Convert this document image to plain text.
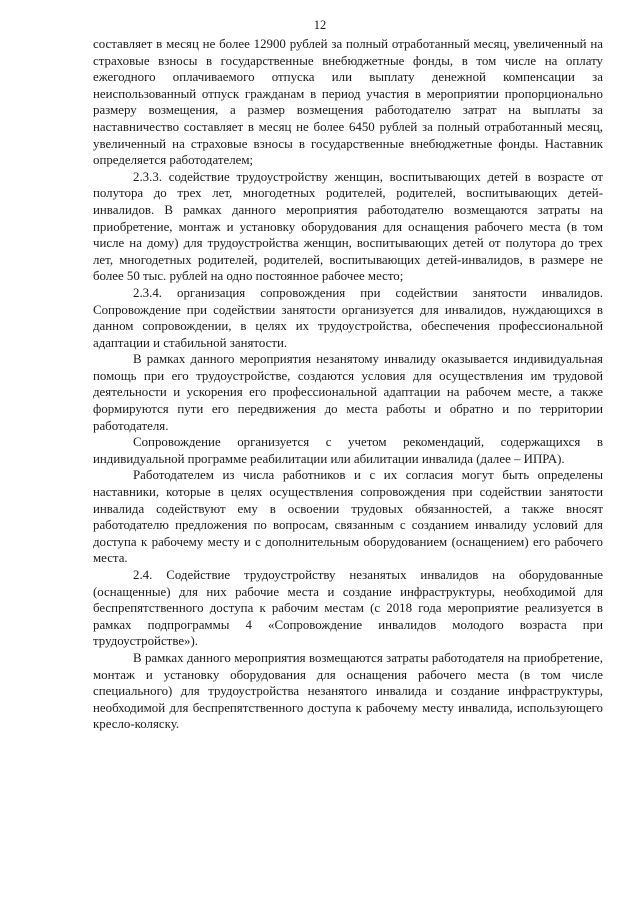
12

составляет в месяц не более 12900 рублей за полный отработанный месяц, увеличенный на страховые взносы в государственные внебюджетные фонды, в том числе на оплату ежегодного оплачиваемого отпуска или выплату денежной компенсации за неиспользованный отпуск гражданам в период участия в мероприятии пропорционально размеру возмещения, а размер возмещения работодателю затрат на выплаты за наставничество составляет в месяц не более 6450 рублей за полный отработанный месяц, увеличенный на страховые взносы в государственные внебюджетные фонды. Наставник определяется работодателем;

2.3.3. содействие трудоустройству женщин, воспитывающих детей в возрасте от полутора до трех лет, многодетных родителей, родителей, воспитывающих детей-инвалидов. В рамках данного мероприятия работодателю возмещаются затраты на приобретение, монтаж и установку оборудования для оснащения рабочего места (в том числе на дому) для трудоустройства женщин, воспитывающих детей от полутора до трех лет, многодетных родителей, родителей, воспитывающих детей-инвалидов, в размере не более 50 тыс. рублей на одно постоянное рабочее место;

2.3.4. организация сопровождения при содействии занятости инвалидов. Сопровождение при содействии занятости организуется для инвалидов, нуждающихся в данном сопровождении, в целях их трудоустройства, обеспечения профессиональной адаптации и стабильной занятости.

В рамках данного мероприятия незанятому инвалиду оказывается индивидуальная помощь при его трудоустройстве, создаются условия для осуществления им трудовой деятельности и ускорения его профессиональной адаптации на рабочем месте, а также формируются пути его передвижения до места работы и обратно и по территории работодателя.

Сопровождение организуется с учетом рекомендаций, содержащихся в индивидуальной программе реабилитации или абилитации инвалида (далее – ИПРА).

Работодателем из числа работников и с их согласия могут быть определены наставники, которые в целях осуществления сопровождения при содействии занятости инвалида содействуют ему в освоении трудовых обязанностей, а также вносят работодателю предложения по вопросам, связанным с созданием инвалиду условий для доступа к рабочему месту и с дополнительным оборудованием (оснащением) его рабочего места.

2.4. Содействие трудоустройству незанятых инвалидов на оборудованные (оснащенные) для них рабочие места и создание инфраструктуры, необходимой для беспрепятственного доступа к рабочим местам (с 2018 года мероприятие реализуется в рамках подпрограммы 4 «Сопровождение инвалидов молодого возраста при трудоустройстве»).

В рамках данного мероприятия возмещаются затраты работодателя на приобретение, монтаж и установку оборудования для оснащения рабочего места (в том числе специального) для трудоустройства незанятого инвалида и создание инфраструктуры, необходимой для беспрепятственного доступа к рабочему месту инвалида, использующего кресло-коляску.
